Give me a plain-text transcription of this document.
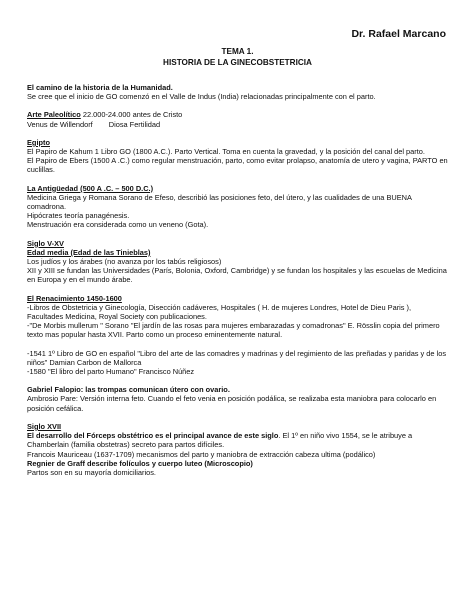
Dr. Rafael Marcano
TEMA 1.
HISTORIA DE LA GINECOBSTETRICIA
El camino de la historia de la Humanidad.
Se cree que el inicio de GO comenzó en el Valle de Indus (India) relacionadas principalmente con el parto.
Arte Paleolítico 22.000-24.000 antes de Cristo
Venus de Willendorf Diosa Fertilidad
Egipto
El Papiro de Kahum 1 Libro GO (1800 A.C.). Parto Vertical. Toma en cuenta la gravedad, y la posición del canal del parto.
El Papiro de Ebers (1500 A .C.) como regular menstruación, parto, como evitar prolapso, anatomía de utero y vagina, PARTO en cuclillas.
La Antigüedad (500 A .C. – 500 D.C.)
Medicina Griega y Romana Sorano de Efeso, describió las posiciones feto, del útero, y las cualidades de una BUENA comadrona.
Hipócrates teoría panagénesis.
Menstruación era considerada como un veneno (Gota).
Siglo V-XV
Edad media (Edad de las Tinieblas)
Los judíos y los árabes (no avanza por los tabús religiosos)
XII y XIII se fundan las Universidades (París, Bolonia, Oxford, Cambridge) y se fundan los hospitales y las escuelas de Medicina en Europa y en el mundo árabe.
El Renacimiento 1450-1600
-Libros de Obstetricia y Ginecología, Disección cadáveres, Hospitales ( H. de mujeres Londres, Hotel de Dieu Paris ), Facultades Medicina, Royal Society con publicaciones.
-"De Morbis mullerum " Sorano "El jardín de las rosas para mujeres embarazadas y comadronas" E. Rösslin copia del primero texto mas popular hasta XVII. Parto como un proceso eminentemente natural.
-1541 1º Libro de GO en español "Libro del arte de las comadres y madrinas y del regimiento de las preñadas y paridas y de los niños" Damian Carbon de Mallorca
-1580 "El libro del parto Humano" Francisco Núñez
Gabriel Falopio: las trompas comunican útero con ovario.
Ambrosio Pare: Versión interna feto. Cuando el feto venia en posición podálica, se realizaba esta maniobra para colocarlo en posición cefálica.
Siglo XVII
El desarrollo del Fórceps obstétrico es el principal avance de este siglo. El 1º en niño vivo 1554, se le atribuye a Chamberlain (familia obstetras) secreto para partos difíciles.
Francois Mauriceau (1637-1709) mecanismos del parto y maniobra de extracción cabeza ultima (podálico)
Regnier de Graff describe folículos y cuerpo luteo (Microscopio)
Partos son en su mayoría domiciliarios.
